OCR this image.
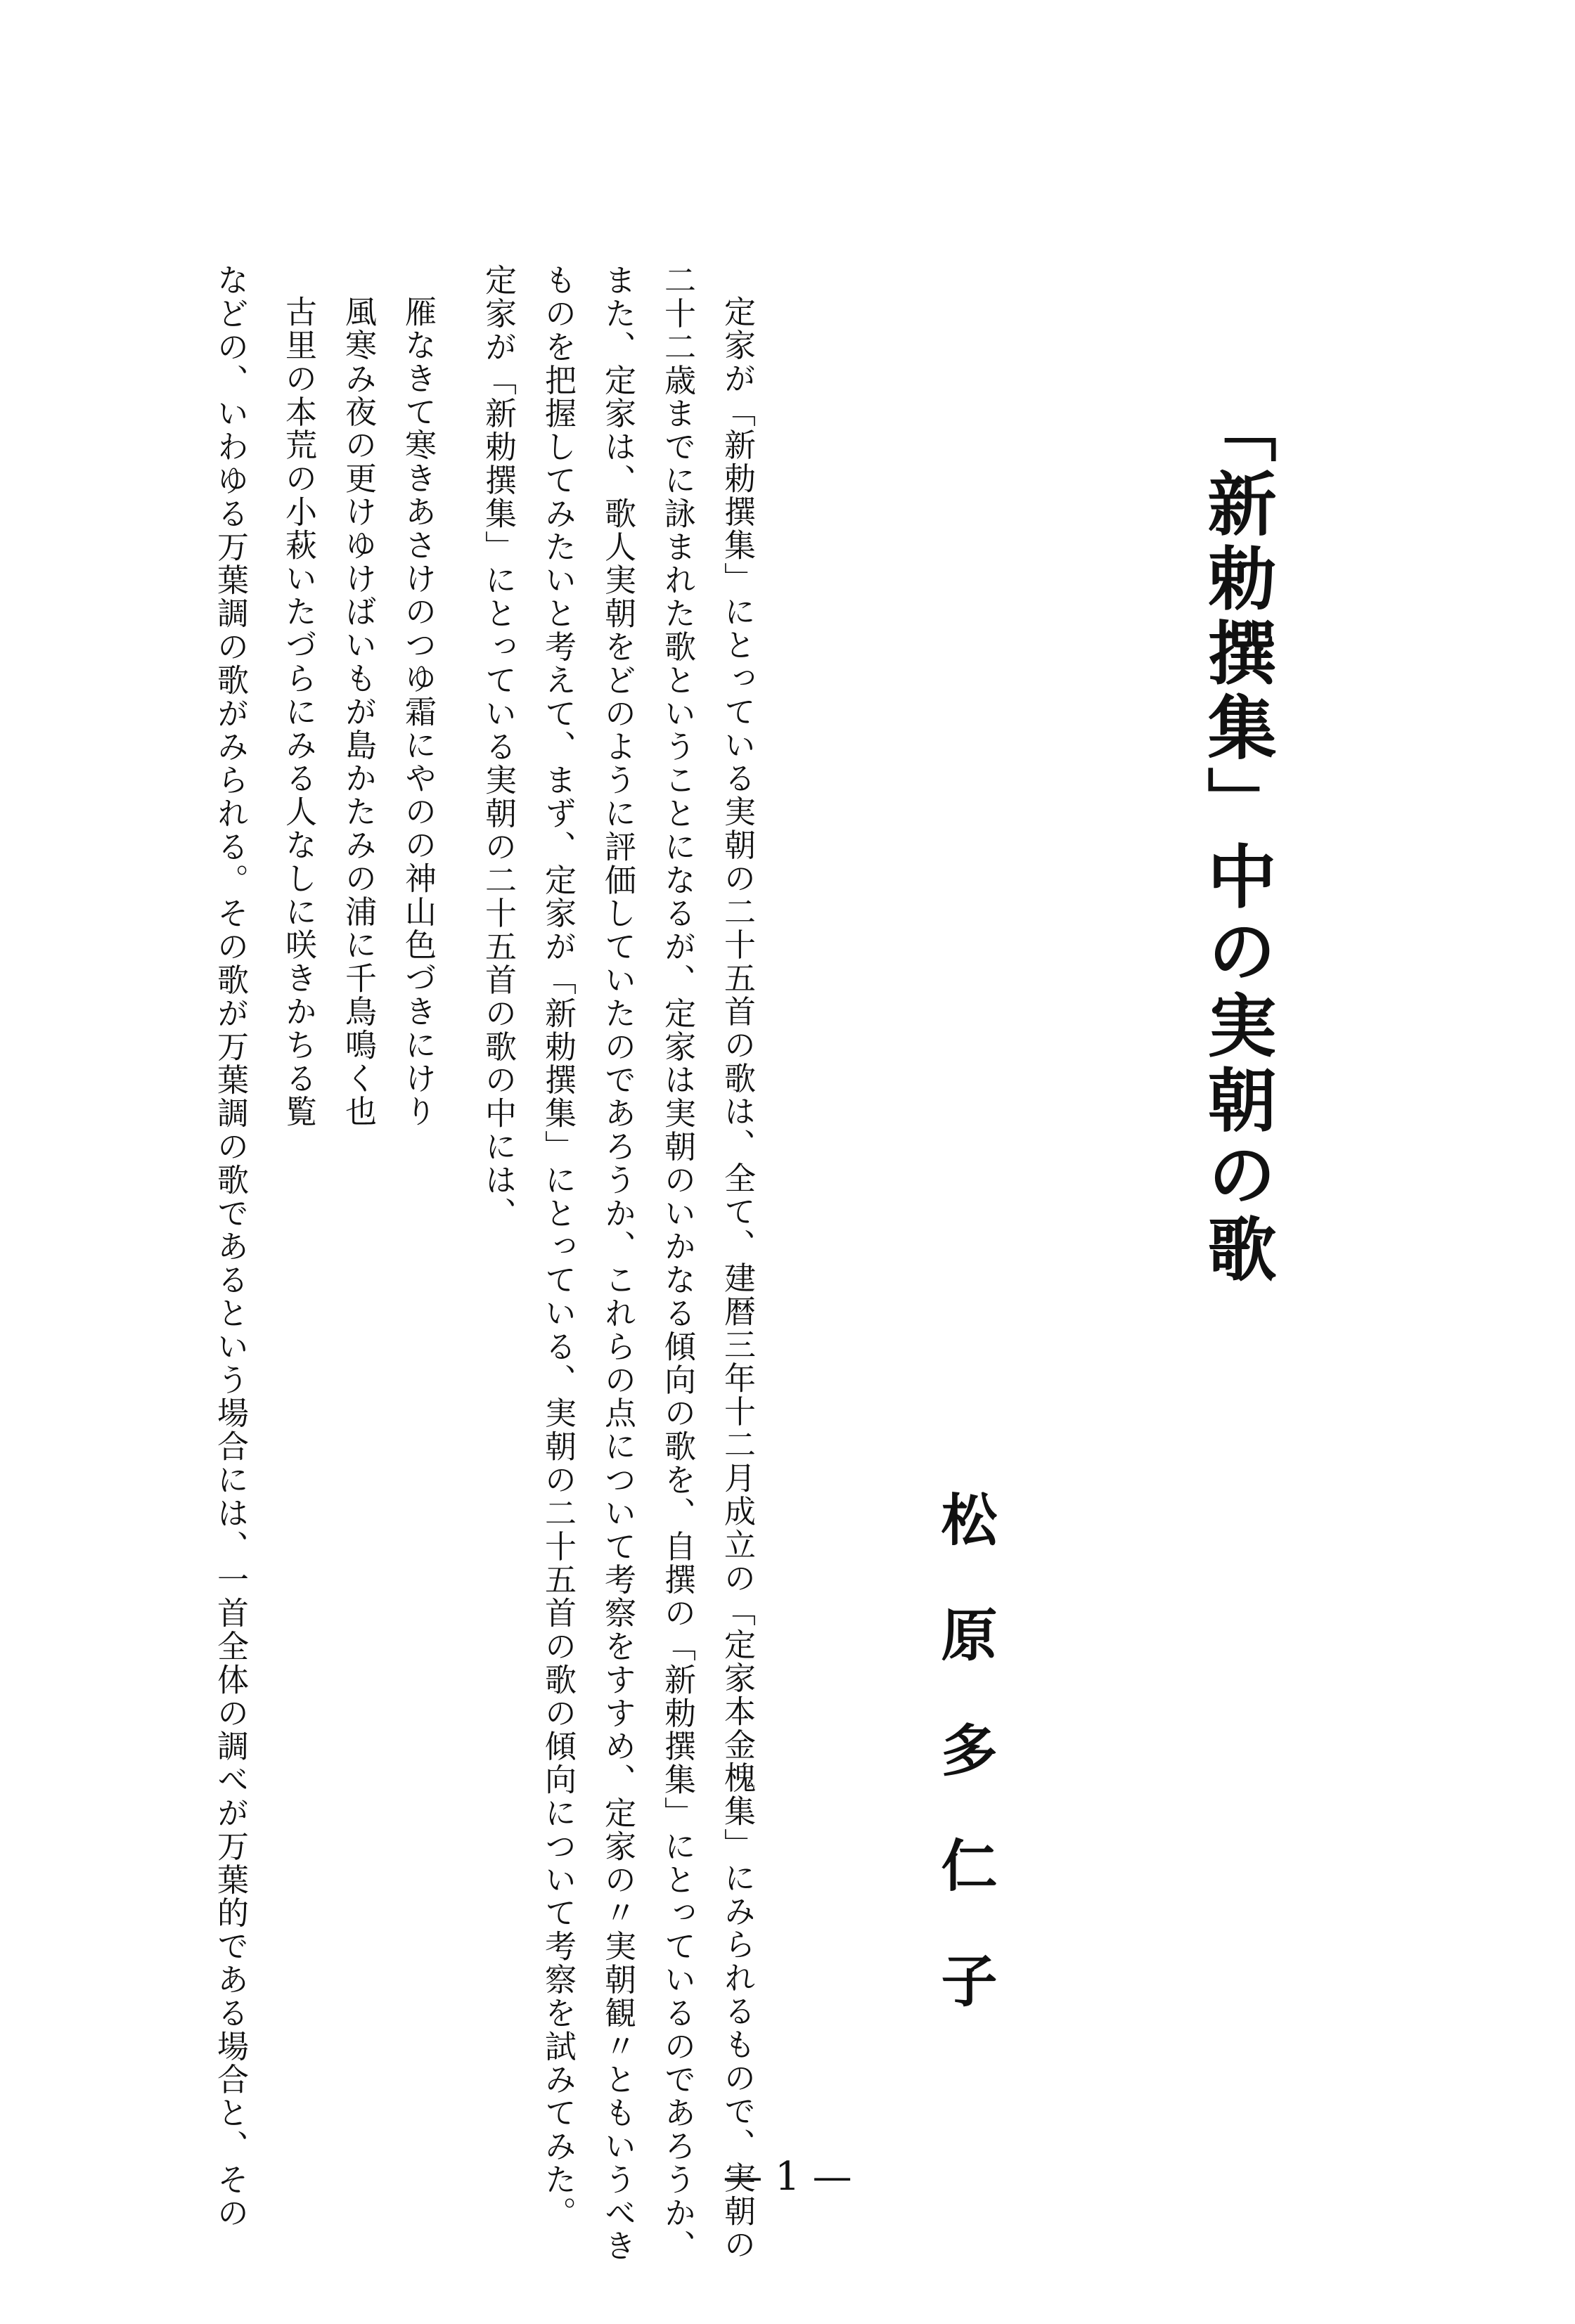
「新勅撰集」中の実朝の歌
松原多仁子
定家が「新勅撰集」にとっている実朝の二十五首の歌は、全て、建暦三年十二月成立の「定家本金槐集」にみられるもので、実朝の
二十二歳までに詠まれた歌ということになるが、定家は実朝のいかなる傾向の歌を、自撰の「新勅撰集」にとっているのであろうか、
また、定家は、歌人実朝をどのように評価していたのであろうか、これらの点について考察をすすめ、定家の〃実朝観〃ともいうべき
ものを把握してみたいと考えて、まず、定家が「新勅撰集」にとっている、実朝の二十五首の歌の傾向について考察を試みてみた。
定家が「新勅撰集」にとっている実朝の二十五首の歌の中には、
雁なきて寒きあさけのつゆ霜にやのの神山色づきにけり
風寒み夜の更けゆけばいもが島かたみの浦に千鳥鳴く也
古里の本荒の小萩いたづらにみる人なしに咲きかちる覧
などの、いわゆる万葉調の歌がみられる。その歌が万葉調の歌であるという場合には、一首全体の調べが万葉的である場合と、その	— 1 —
